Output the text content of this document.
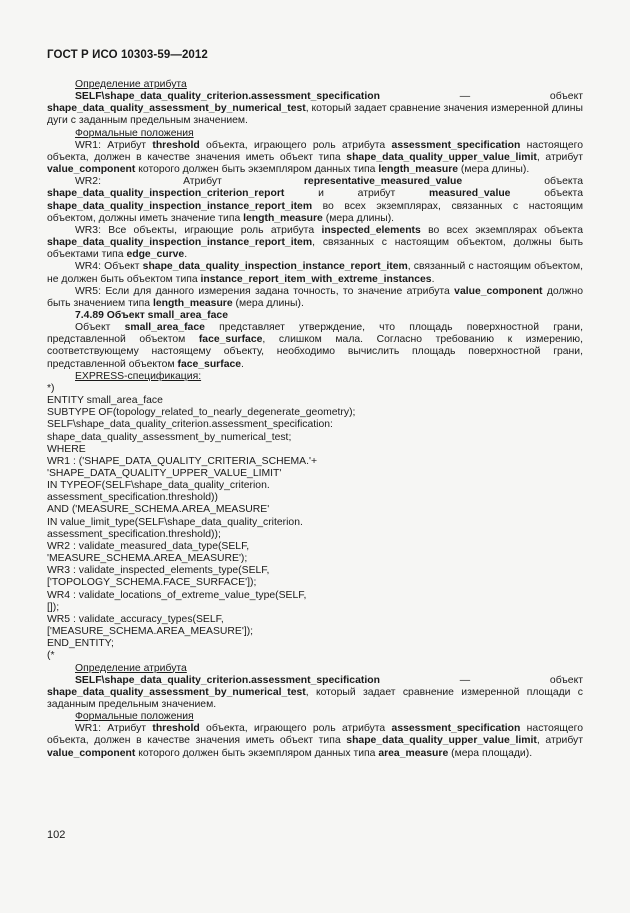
ГОСТ Р ИСО 10303-59—2012

Определение атрибута

SELF\shape_data_quality_criterion.assessment_specification — объект shape_data_quality_assessment_by_numerical_test, который задает сравнение значения измеренной длины дуги с заданным предельным значением.

Формальные положения

WR1: Атрибут threshold объекта, играющего роль атрибута assessment_specification настоящего объекта, должен в качестве значения иметь объект типа shape_data_quality_upper_value_limit, атрибут value_component которого должен быть экземпляром данных типа length_measure (мера длины).

WR2: Атрибут representative_measured_value объекта shape_data_quality_inspection_criterion_report и атрибут measured_value объекта shape_data_quality_inspection_instance_report_item во всех экземплярах, связанных с настоящим объектом, должны иметь значение типа length_measure (мера длины).

WR3: Все объекты, играющие роль атрибута inspected_elements во всех экземплярах объекта shape_data_quality_inspection_instance_report_item, связанных с настоящим объектом, должны быть объектами типа edge_curve.

WR4: Объект shape_data_quality_inspection_instance_report_item, связанный с настоящим объектом, не должен быть объектом типа instance_report_item_with_extreme_instances.

WR5: Если для данного измерения задана точность, то значение атрибута value_component должно быть значением типа length_measure (мера длины).

7.4.89 Объект small_area_face

Объект small_area_face представляет утверждение, что площадь поверхностной грани, представленной объектом face_surface, слишком мала. Согласно требованию к измерению, соответствующему настоящему объекту, необходимо вычислить площадь поверхностной грани, представленной объектом face_surface.

EXPRESS-спецификация:

*)
ENTITY small_area_face
SUBTYPE OF(topology_related_to_nearly_degenerate_geometry);
SELF\shape_data_quality_criterion.assessment_specification:
shape_data_quality_assessment_by_numerical_test;
WHERE
WR1 : ('SHAPE_DATA_QUALITY_CRITERIA_SCHEMA.'+
'SHAPE_DATA_QUALITY_UPPER_VALUE_LIMIT'
IN TYPEOF(SELF\shape_data_quality_criterion.
assessment_specification.threshold))
AND ('MEASURE_SCHEMA.AREA_MEASURE'
IN value_limit_type(SELF\shape_data_quality_criterion.
assessment_specification.threshold));
WR2 : validate_measured_data_type(SELF,
'MEASURE_SCHEMA.AREA_MEASURE');
WR3 : validate_inspected_elements_type(SELF,
['TOPOLOGY_SCHEMA.FACE_SURFACE']);
WR4 : validate_locations_of_extreme_value_type(SELF,
[]);
WR5 : validate_accuracy_types(SELF,
['MEASURE_SCHEMA.AREA_MEASURE']);
END_ENTITY;
(*

Определение атрибута

SELF\shape_data_quality_criterion.assessment_specification — объект shape_data_quality_assessment_by_numerical_test, который задает сравнение измеренной площади с заданным предельным значением.

Формальные положения

WR1: Атрибут threshold объекта, играющего роль атрибута assessment_specification настоящего объекта, должен в качестве значения иметь объект типа shape_data_quality_upper_value_limit, атрибут value_component которого должен быть экземпляром данных типа area_measure (мера площади).

102
